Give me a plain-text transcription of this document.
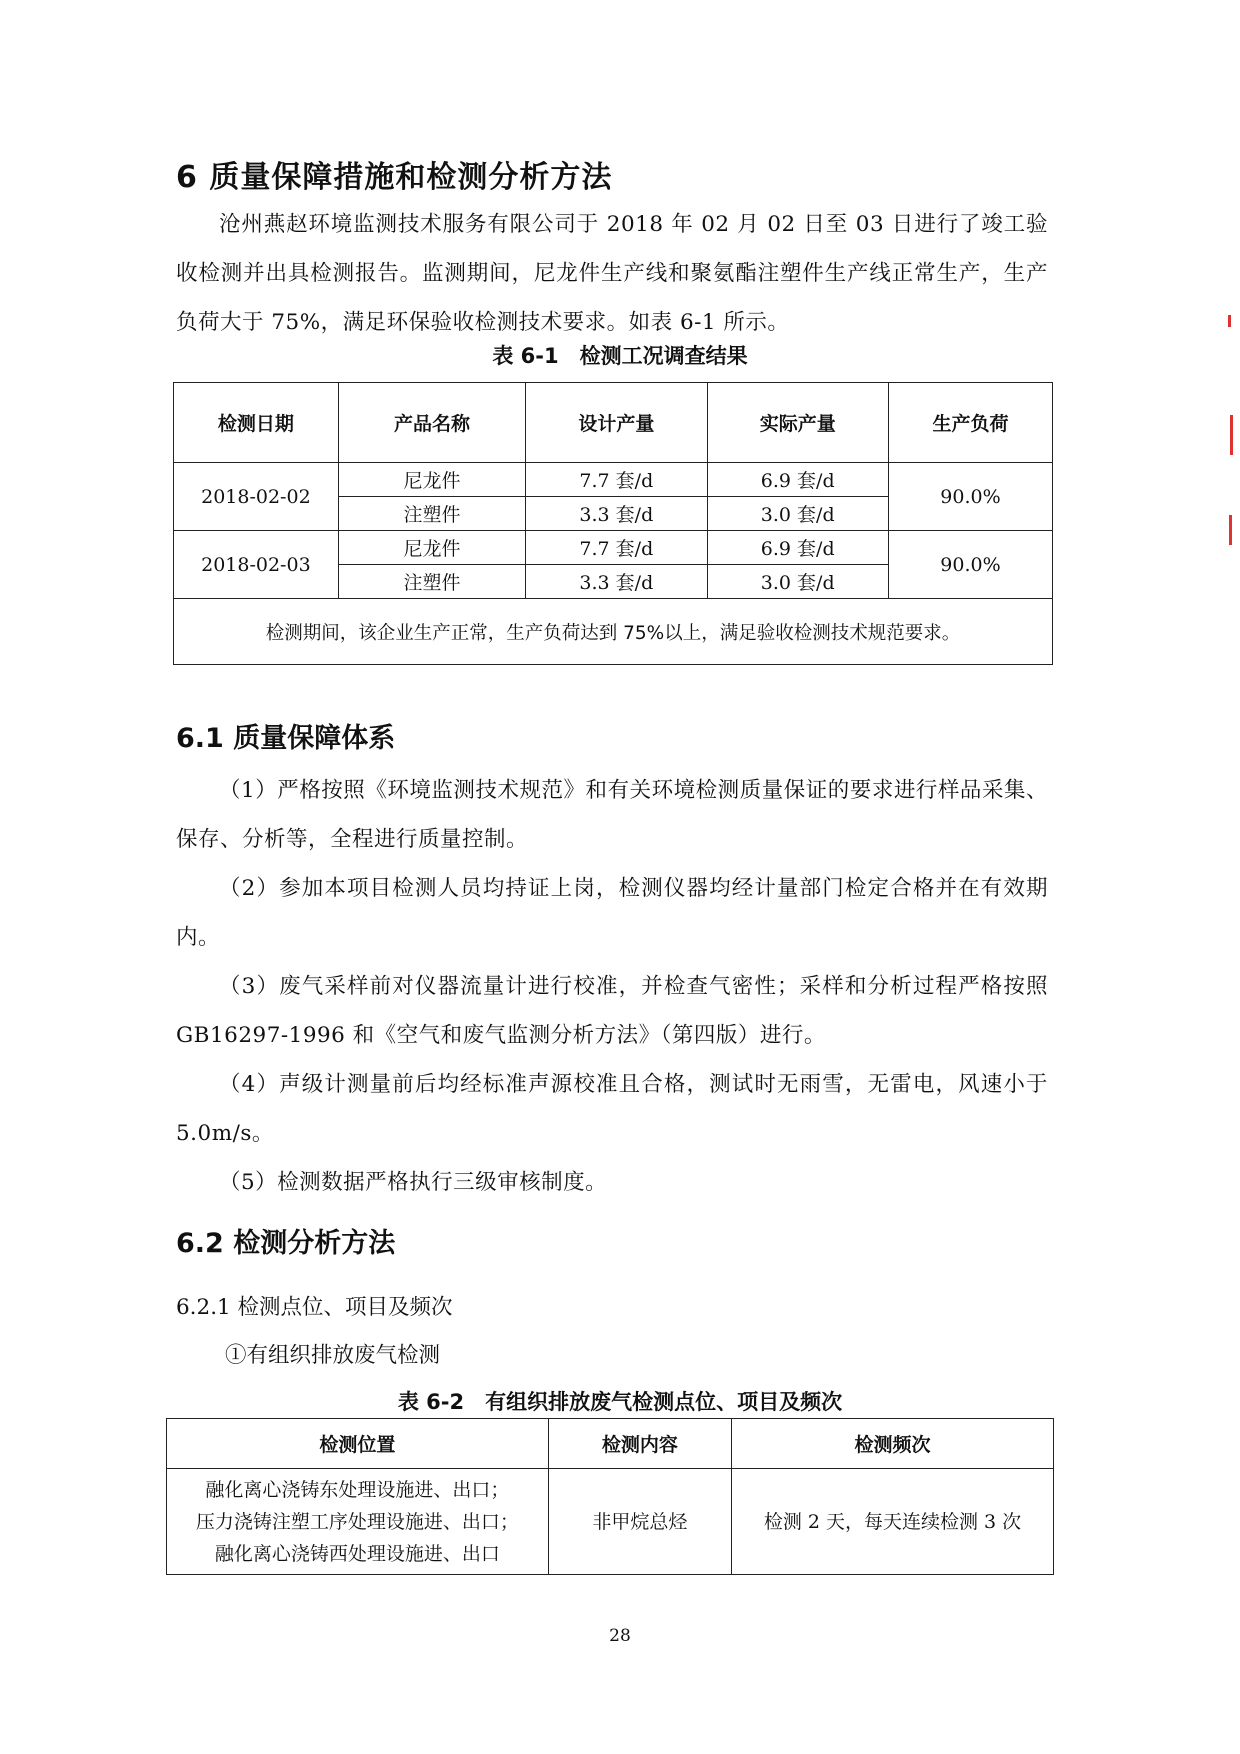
6 质量保障措施和检测分析方法

沧州燕赵环境监测技术服务有限公司于 2018 年 02 月 02 日至 03 日进行了竣工验收检测并出具检测报告。监测期间，尼龙件生产线和聚氨酯注塑件生产线正常生产，生产负荷大于 75%，满足环保验收检测技术要求。如表 6-1 所示。

表 6-1　检测工况调查结果

检测日期	产品名称	设计产量	实际产量	生产负荷
2018-02-02	尼龙件	7.7 套/d	6.9 套/d	90.0%
	注塑件	3.3 套/d	3.0 套/d	
2018-02-03	尼龙件	7.7 套/d	6.9 套/d	90.0%
	注塑件	3.3 套/d	3.0 套/d	
检测期间，该企业生产正常，生产负荷达到 75%以上，满足验收检测技术规范要求。				
6.1 质量保障体系

（1）严格按照《环境监测技术规范》和有关环境检测质量保证的要求进行样品采集、保存、分析等，全程进行质量控制。

（2）参加本项目检测人员均持证上岗，检测仪器均经计量部门检定合格并在有效期内。

（3）废气采样前对仪器流量计进行校准，并检查气密性；采样和分析过程严格按照 GB16297-1996 和《空气和废气监测分析方法》（第四版）进行。

（4）声级计测量前后均经标准声源校准且合格，测试时无雨雪，无雷电，风速小于 5.0m/s。

（5）检测数据严格执行三级审核制度。

6.2 检测分析方法

6.2.1 检测点位、项目及频次

①有组织排放废气检测

表 6-2　有组织排放废气检测点位、项目及频次

检测位置	检测内容	检测频次

融化离心浇铸东处理设施进、出口；
压力浇铸注塑工序处理设施进、出口；
融化离心浇铸西处理设施进、出口	非甲烷总烃	检测 2 天，每天连续检测 3 次
28
